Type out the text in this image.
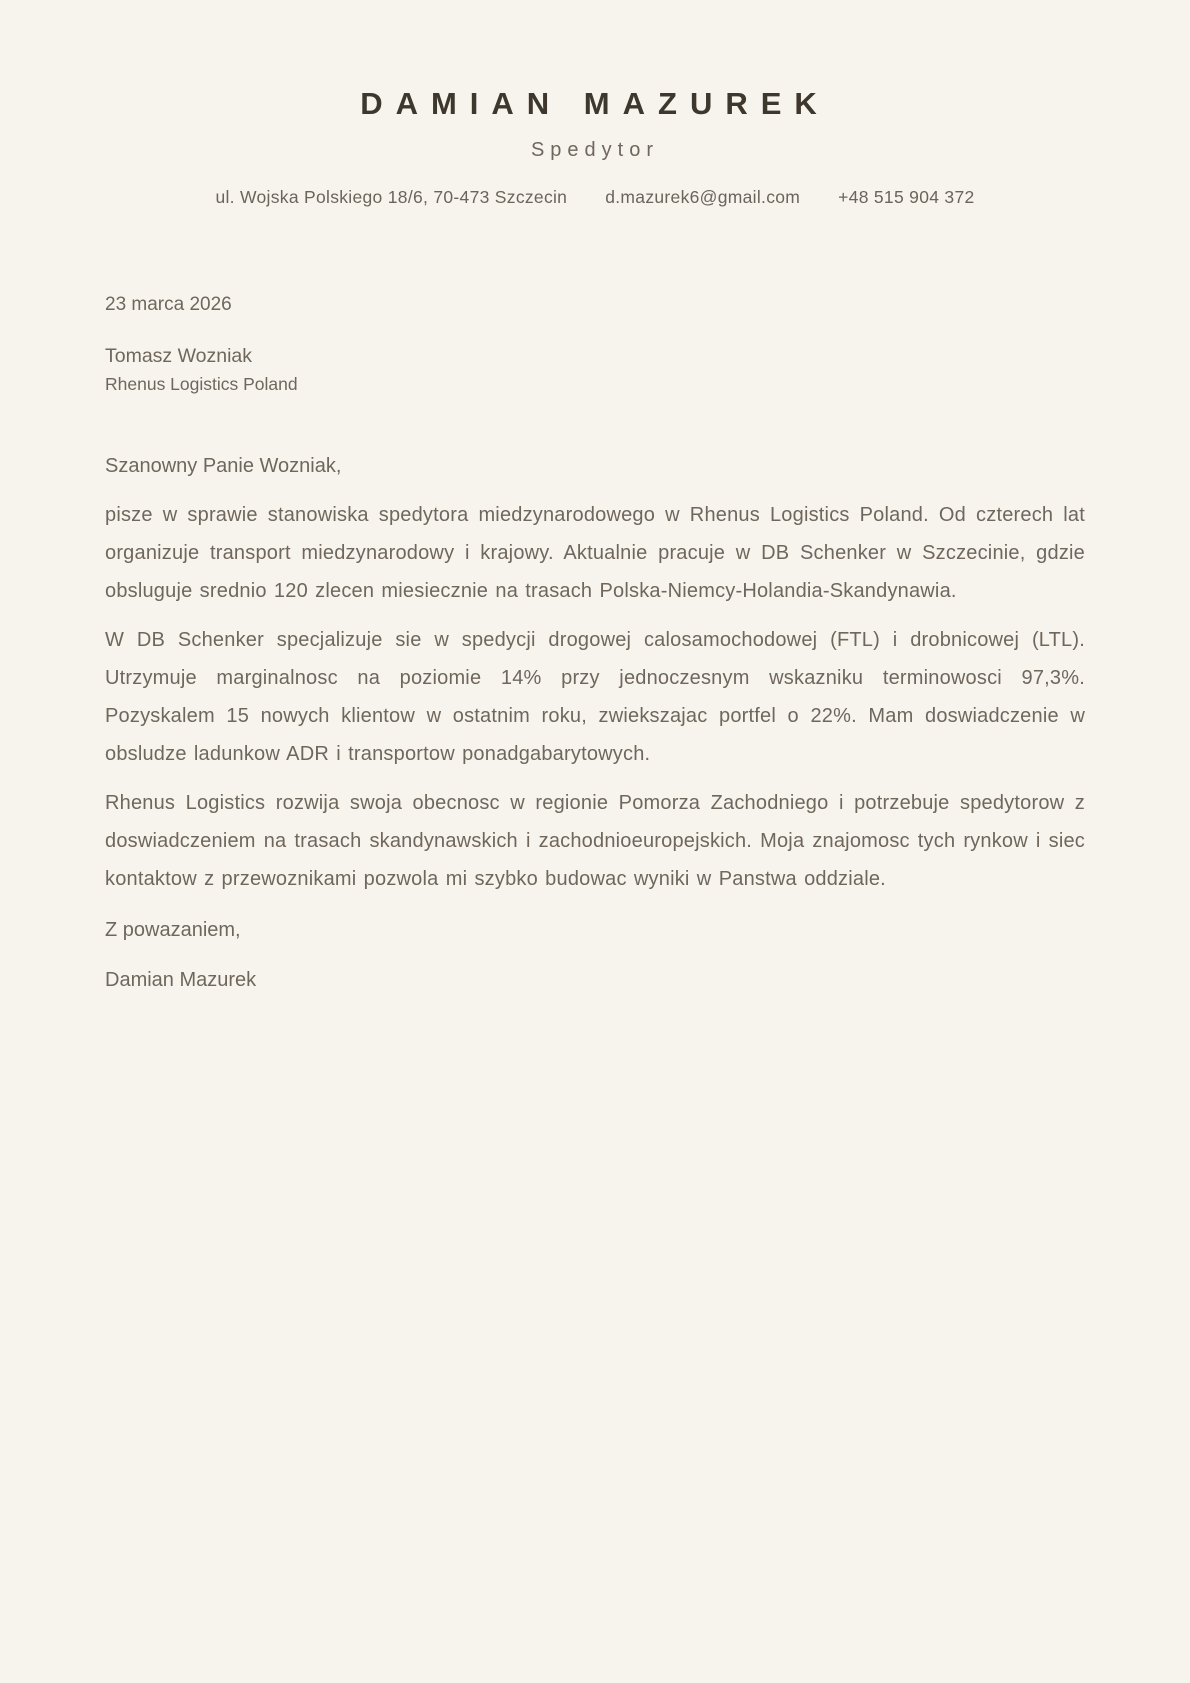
DAMIAN MAZUREK
Spedytor
ul. Wojska Polskiego 18/6, 70-473 Szczecin d.mazurek6@gmail.com +48 515 904 372
23 marca 2026
Tomasz Wozniak
Rhenus Logistics Poland
Szanowny Panie Wozniak,

pisze w sprawie stanowiska spedytora miedzynarodowego w Rhenus Logistics Poland. Od czterech lat organizuje transport miedzynarodowy i krajowy. Aktualnie pracuje w DB Schenker w Szczecinie, gdzie obsluguje srednio 120 zlecen miesiecznie na trasach Polska-Niemcy-Holandia-Skandynawia.

W DB Schenker specjalizuje sie w spedycji drogowej calosamochodowej (FTL) i drobnicowej (LTL). Utrzymuje marginalnosc na poziomie 14% przy jednoczesnym wskazniku terminowosci 97,3%. Pozyskalem 15 nowych klientow w ostatnim roku, zwiekszajac portfel o 22%. Mam doswiadczenie w obsludze ladunkow ADR i transportow ponadgabarytowych.

Rhenus Logistics rozwija swoja obecnosc w regionie Pomorza Zachodniego i potrzebuje spedytorow z doswiadczeniem na trasach skandynawskich i zachodnioeuropejskich. Moja znajomosc tych rynkow i siec kontaktow z przewoznikami pozwola mi szybko budowac wyniki w Panstwa oddziale.

Z powazaniem,
Damian Mazurek
